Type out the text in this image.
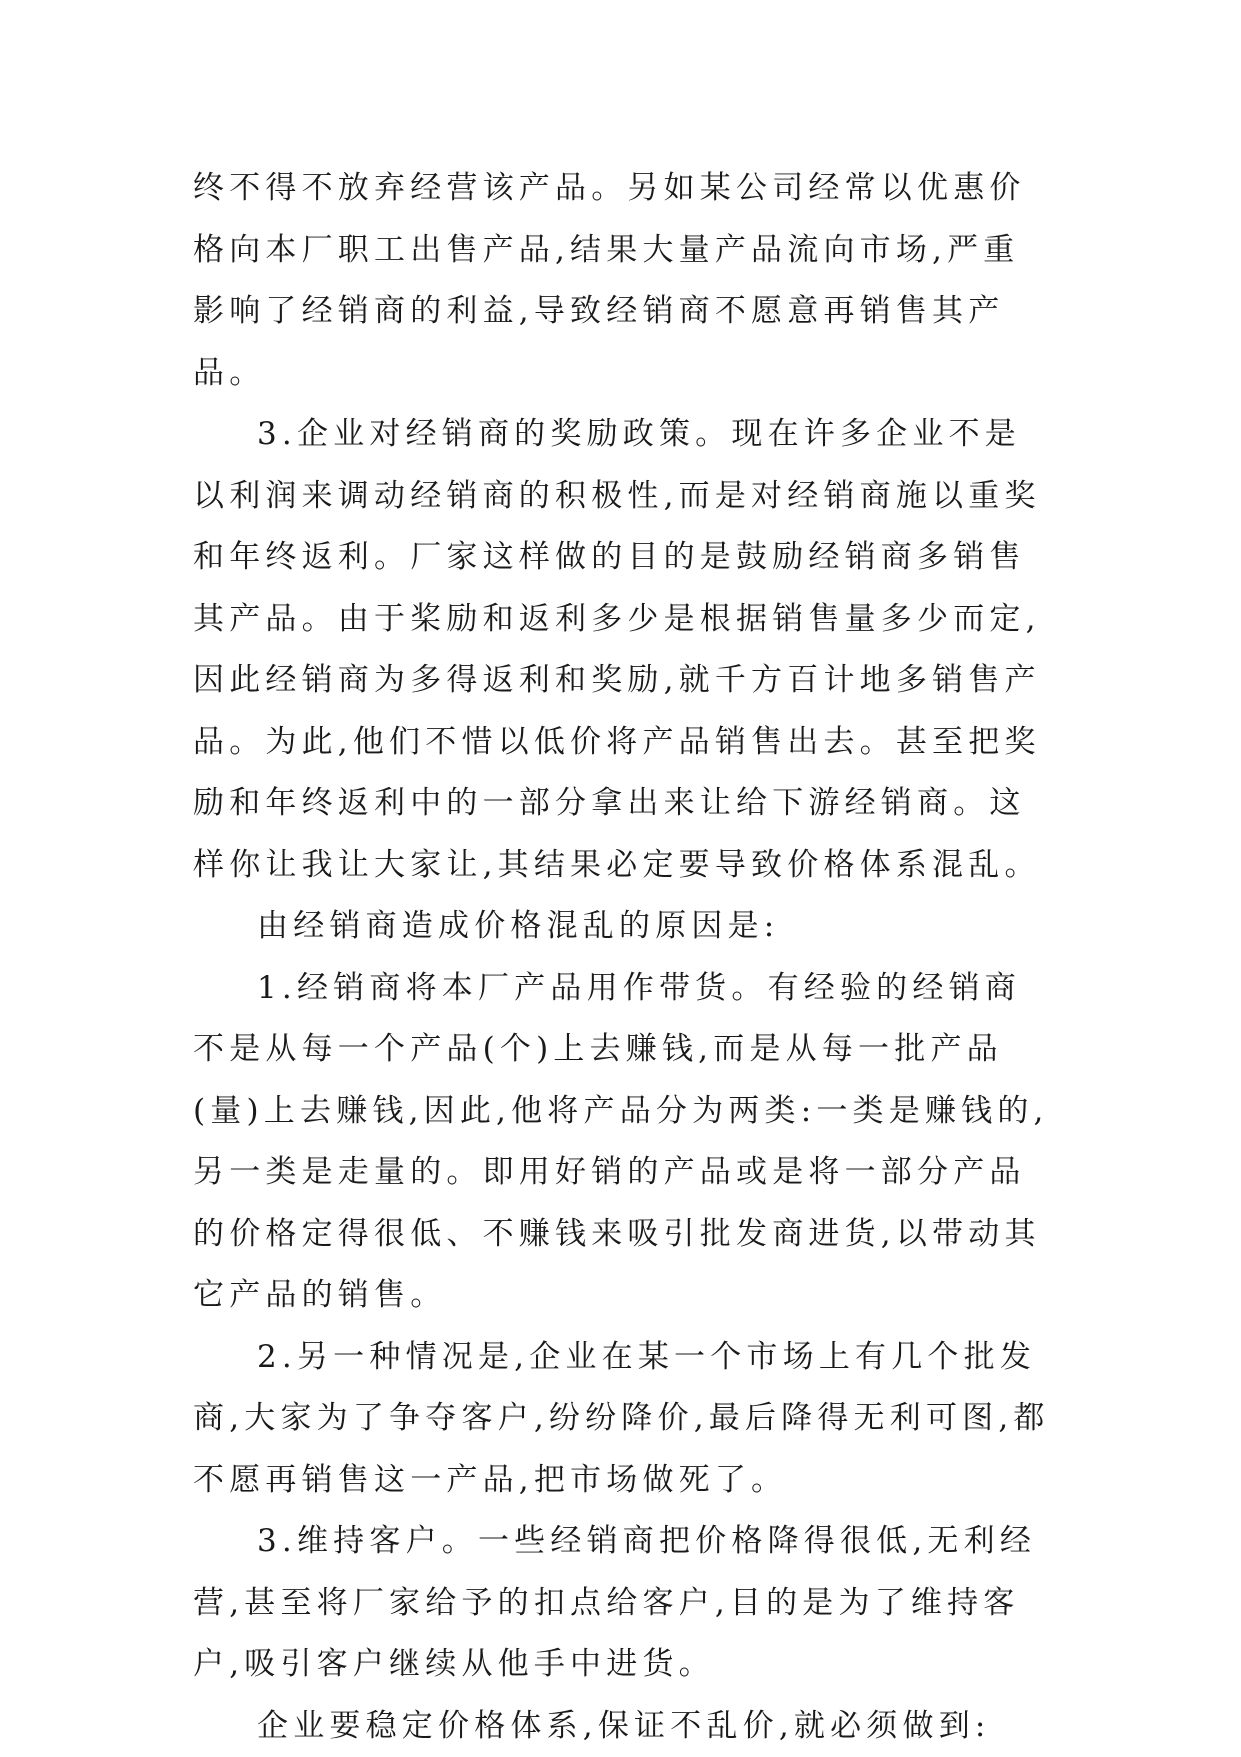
终不得不放弃经营该产品。另如某公司经常以优惠价格向本厂职工出售产品,结果大量产品流向市场,严重影响了经销商的利益,导致经销商不愿意再销售其产品。

3.企业对经销商的奖励政策。现在许多企业不是以利润来调动经销商的积极性,而是对经销商施以重奖和年终返利。厂家这样做的目的是鼓励经销商多销售其产品。由于桨励和返利多少是根据销售量多少而定,因此经销商为多得返利和奖励,就千方百计地多销售产品。为此,他们不惜以低价将产品销售出去。甚至把奖励和年终返利中的一部分拿出来让给下游经销商。这样你让我让大家让,其结果必定要导致价格体系混乱。

由经销商造成价格混乱的原因是:

1.经销商将本厂产品用作带货。有经验的经销商不是从每一个产品(个)上去赚钱,而是从每一批产品(量)上去赚钱,因此,他将产品分为两类:一类是赚钱的,另一类是走量的。即用好销的产品或是将一部分产品的价格定得很低、不赚钱来吸引批发商进货,以带动其它产品的销售。

2.另一种情况是,企业在某一个市场上有几个批发商,大家为了争夺客户,纷纷降价,最后降得无利可图,都不愿再销售这一产品,把市场做死了。

3.维持客户。一些经销商把价格降得很低,无利经营,甚至将厂家给予的扣点给客户,目的是为了维持客户,吸引客户继续从他手中进货。

企业要稳定价格体系,保证不乱价,就必须做到:
